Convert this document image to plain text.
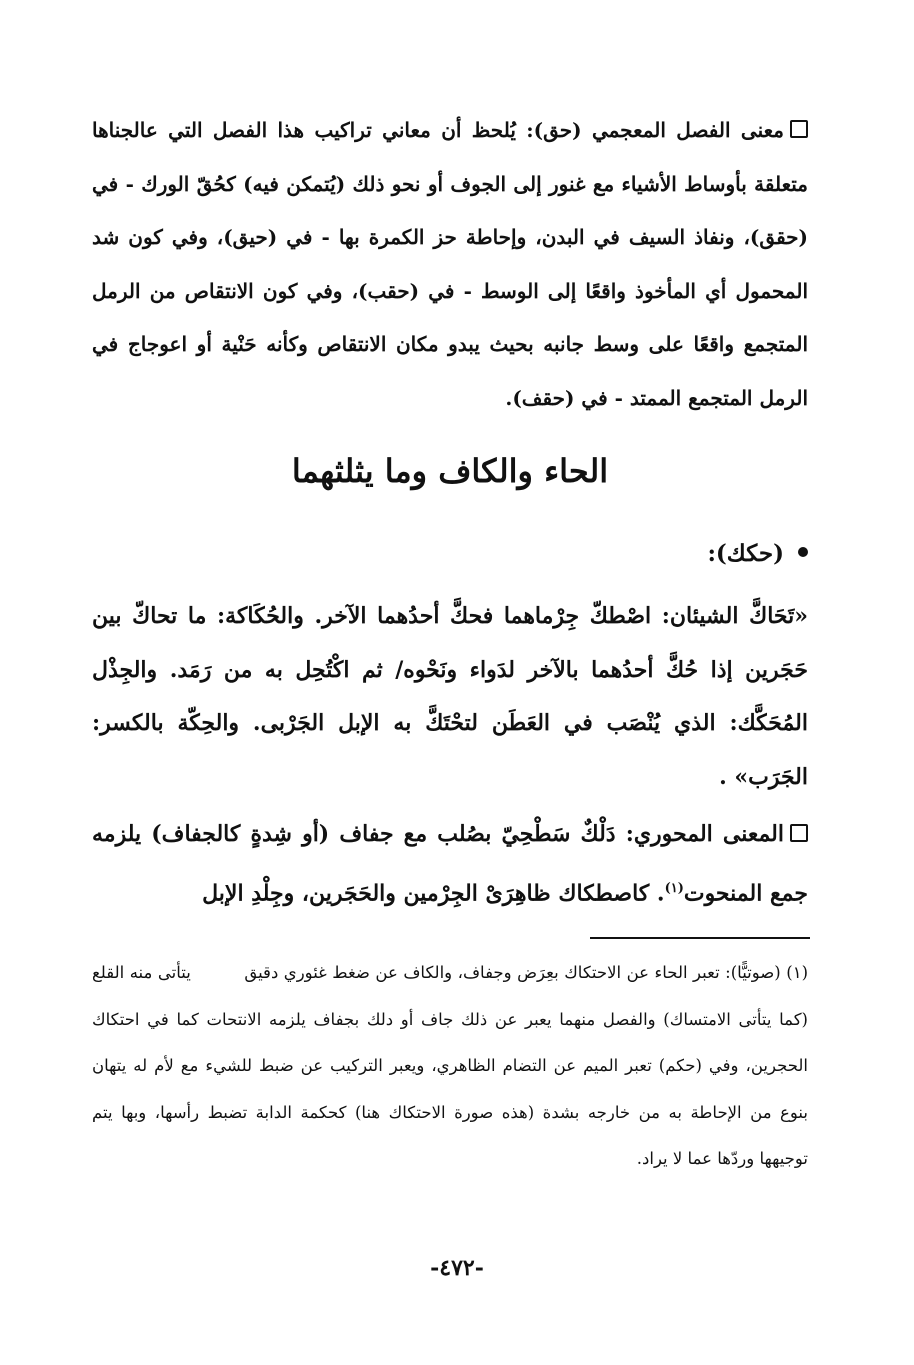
معنى الفصل المعجمي (حق): يُلحظ أن معاني تراكيب هذا الفصل التي عالجناها متعلقة بأوساط الأشياء مع غنور إلى الجوف أو نحو ذلك (يُتمكن فيه) كحُقّ الورك - في (حقق)، ونفاذ السيف في البدن، وإحاطة حز الكمرة بها - في (حيق)، وفي كون شد المحمول أي المأخوذ واقعًا إلى الوسط - في (حقب)، وفي كون الانتقاص من الرمل المتجمع واقعًا على وسط جانبه بحيث يبدو مكان الانتقاص وكأنه حَنْية أو اعوجاج في الرمل المتجمع الممتد - في (حقف).

الحاء والكاف وما يثلثهما

(حكك):

«تَحَاكَّ الشيئان: اصْطكّ جِرْماهما فحكَّ أحدُهما الآخر. والحُكَاكة: ما تحاكّ بين حَجَرين إذا حُكَّ أحدُهما بالآخر لدَواء ونَحْوه/ ثم اكْتُحِل به من رَمَد. والجِذْل المُحَكَّك: الذي يُنْصَب في العَطَن لتحْتَكَّ به الإبل الجَرْبى. والحِكّة بالكسر: الجَرَب» .

المعنى المحوري: دَلْكٌ سَطْحِيّ بصُلب مع جفاف (أو شِدةٍ كالجفاف) يلزمه جمع المنحوت$^{(١)}$. كاصطكاك ظاهِرَىْ الجِرْمين والحَجَرين، وجِلْدِ الإبل

(١) (صوتيًّا): تعبر الحاء عن الاحتكاك بعِرَض وجفاف، والكاف عن ضغط غئوري دقيق يتأتى منه القلع (كما يتأتى الامتساك) والفصل منهما يعبر عن ذلك جاف أو دلك بجفاف يلزمه الانتحات كما في احتكاك الحجرين، وفي (حكم) تعبر الميم عن التضام الظاهري، ويعبر التركيب عن ضبط للشيء مع لأم له يتهان بنوع من الإحاطة به من خارجه بشدة (هذه صورة الاحتكاك هنا) كحكمة الدابة تضبط رأسها، وبها يتم توجيهها وردّها عما لا يراد.

-٤٧٢-
